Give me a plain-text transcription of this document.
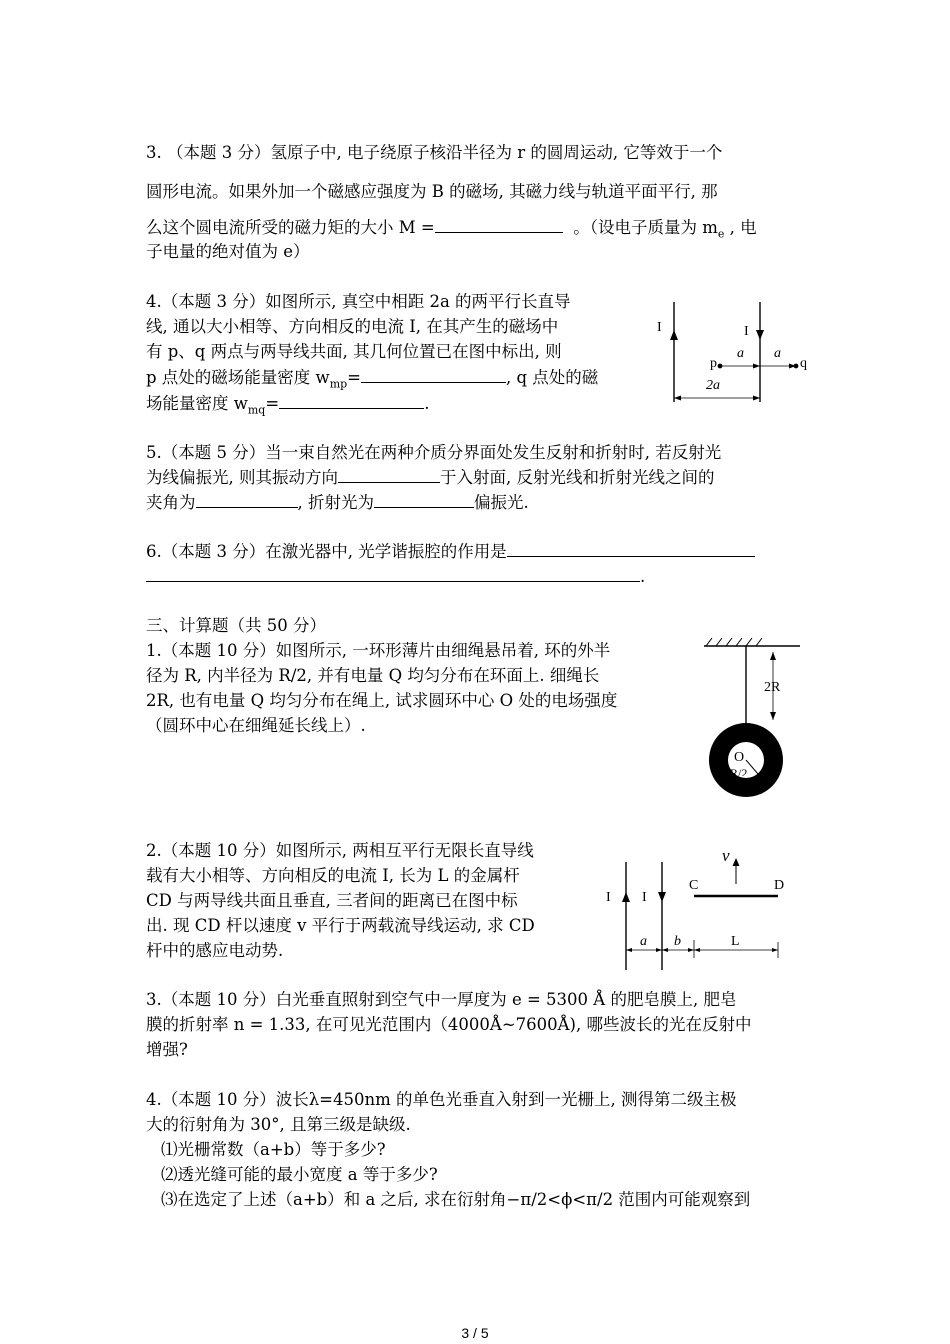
3. （本题 3 分）氢原子中, 电子绕原子核沿半径为 r 的圆周运动, 它等效于一个
圆形电流。如果外加一个磁感应强度为 B 的磁场, 其磁力线与轨道平面平行, 那
么这个圆电流所受的磁力矩的大小 M =	。（设电子质量为 $m_e$ , 电
子电量的绝对值为 e）
4.（本题 3 分）如图所示, 真空中相距 2a 的两平行长直导
线, 通以大小相等、方向相反的电流 I, 在其产生的磁场中
有 p、q 两点与两导线共面, 其几何位置已在图中标出, 则
p 点处的磁场能量密度 $w_{mp}=$	, q 点处的磁
场能量密度 $w_{mq}=$	.
I	I
p	q
a a
2a
5.（本题 5 分）当一束自然光在两种介质分界面处发生反射和折射时, 若反射光
为线偏振光, 则其振动方向	于入射面, 反射光线和折射光线之间的
夹角为	, 折射光为	偏振光.
6.（本题 3 分）在激光器中, 光学谐振腔的作用是
.
三、计算题（共 50 分）
1.（本题 10 分）如图所示, 一环形薄片由细绳悬吊着, 环的外半
径为 R, 内半径为 R/2, 并有电量 Q 均匀分布在环面上. 细绳长
2R, 也有电量 Q 均匀分布在绳上, 试求圆环中心 O 处的电场强度
（圆环中心在细绳延长线上）.
2R
O
R/2
2.（本题 10 分）如图所示, 两相互平行无限长直导线
载有大小相等、方向相反的电流 I, 长为 L 的金属杆
CD 与两导线共面且垂直, 三者间的距离已在图中标
出. 现 CD 杆以速度 v 平行于两载流导线运动, 求 CD
杆中的感应电动势.
I I
v
C	D
a b	L
3.（本题 10 分）白光垂直照射到空气中一厚度为 e = 5300 Å 的肥皂膜上, 肥皂
膜的折射率 n = 1.33, 在可见光范围内（4000Å~7600Å), 哪些波长的光在反射中
增强?
4.（本题 10 分）波长λ=450nm 的单色光垂直入射到一光栅上, 测得第二级主极
大的衍射角为 30°, 且第三级是缺级.
⑴光栅常数（a+b）等于多少?
⑵透光缝可能的最小宽度 a 等于多少?
⑶在选定了上述（a+b）和 a 之后, 求在衍射角−π/2<ϕ<π/2 范围内可能观察到
3 / 5
